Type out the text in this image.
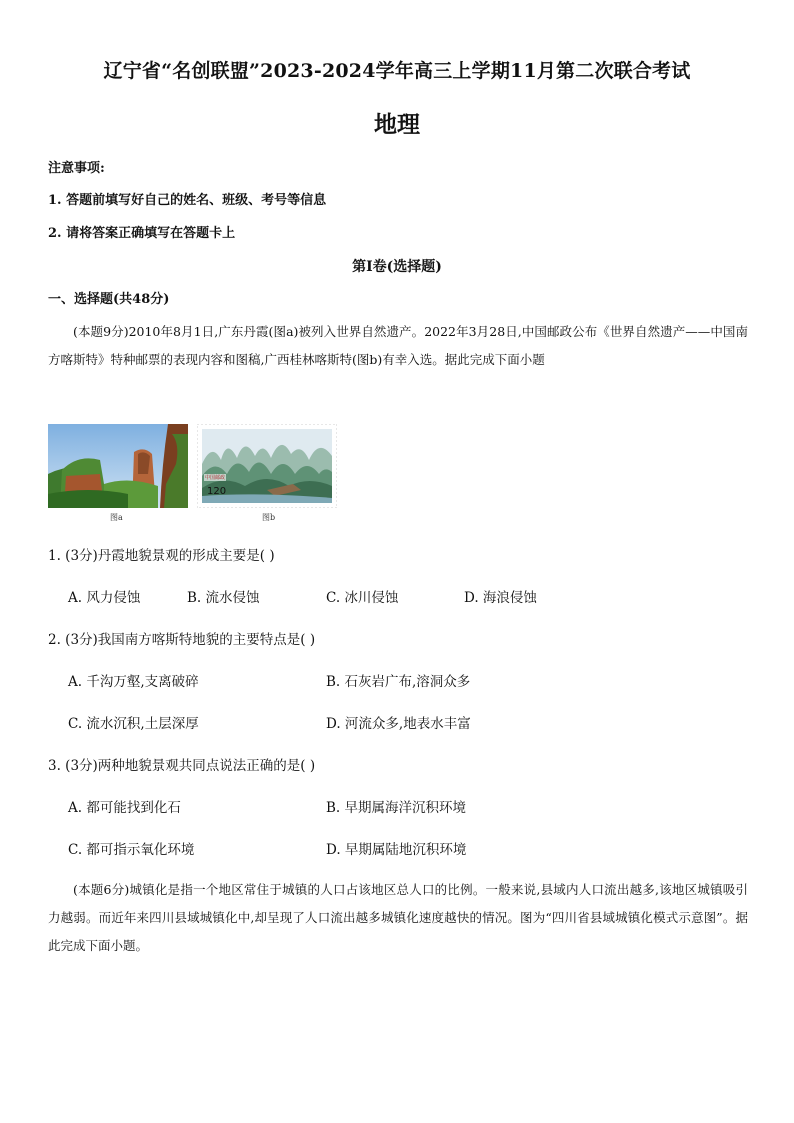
辽宁省“名创联盟”2023-2024学年高三上学期11月第二次联合考试
地理
注意事项:
1. 答题前填写好自己的姓名、班级、考号等信息
2. 请将答案正确填写在答题卡上
第I卷(选择题)
一、选择题(共48分)
(本题9分)2010年8月1日,广东丹霞(图a)被列入世界自然遗产。2022年3月28日,中国邮政公布《世界自然遗产——中国南方喀斯特》特种邮票的表现内容和图稿,广西桂林喀斯特(图b)有幸入选。据此完成下面小题
图a
中国邮政
120
图b
1. (3分)丹霞地貌景观的形成主要是( )
A. 风力侵蚀	B. 流水侵蚀	C. 冰川侵蚀	D. 海浪侵蚀
2. (3分)我国南方喀斯特地貌的主要特点是( )
A. 千沟万壑,支离破碎	B. 石灰岩广布,溶洞众多
C. 流水沉积,土层深厚	D. 河流众多,地表水丰富
3. (3分)两种地貌景观共同点说法正确的是( )
A. 都可能找到化石	B. 早期属海洋沉积环境
C. 都可指示氧化环境	D. 早期属陆地沉积环境
(本题6分)城镇化是指一个地区常住于城镇的人口占该地区总人口的比例。一般来说,县域内人口流出越多,该地区城镇吸引力越弱。而近年来四川县域城镇化中,却呈现了人口流出越多城镇化速度越快的情况。图为“四川省县域城镇化模式示意图”。据此完成下面小题。
